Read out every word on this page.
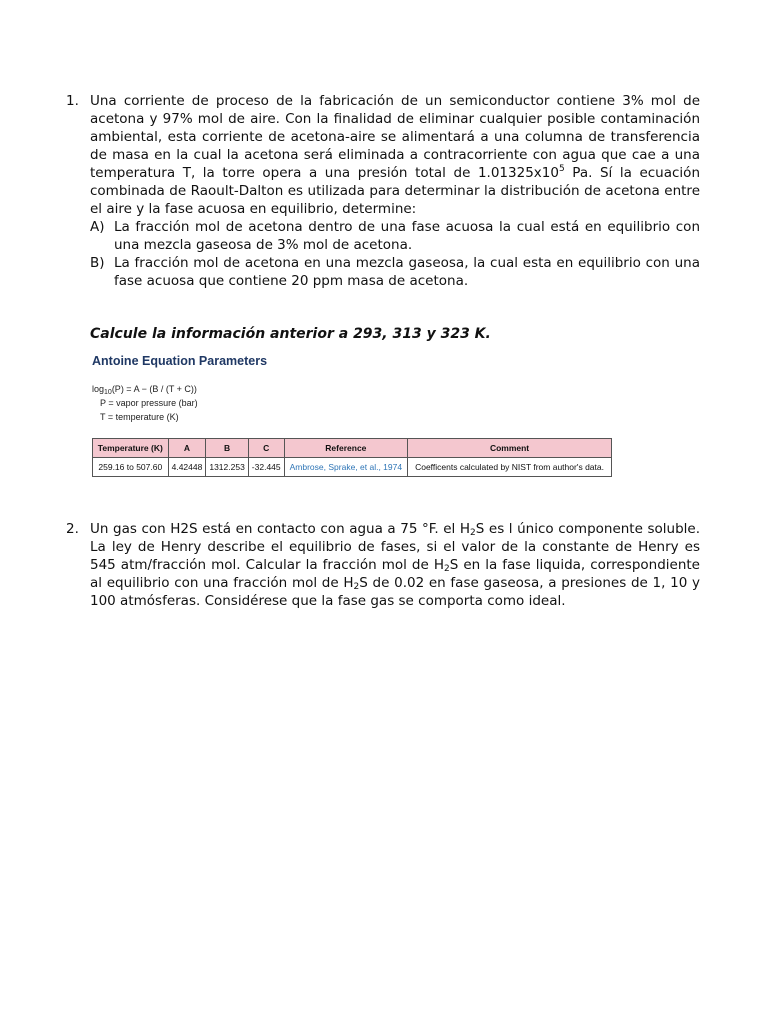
1. Una corriente de proceso de la fabricación de un semiconductor contiene 3% mol de acetona y 97% mol de aire. Con la finalidad de eliminar cualquier posible contaminación ambiental, esta corriente de acetona-aire se alimentará a una columna de transferencia de masa en la cual la acetona será eliminada a contracorriente con agua que cae a una temperatura T, la torre opera a una presión total de $1.01325x10^5$ Pa. Sí la ecuación combinada de Raoult-Dalton es utilizada para determinar la distribución de acetona entre el aire y la fase acuosa en equilibrio, determine:

A) La fracción mol de acetona dentro de una fase acuosa la cual está en equilibrio con una mezcla gaseosa de 3% mol de acetona.

B) La fracción mol de acetona en una mezcla gaseosa, la cual esta en equilibrio con una fase acuosa que contiene 20 ppm masa de acetona.

Calcule la información anterior a 293, 313 y 323 K.

Antoine Equation Parameters
$\log_{10}(P) = A - (B / (T + C))$
P = vapor pressure (bar)
T = temperature (K)
Temperature (K)	A	B	C	Reference	Comment
259.16 to 507.60	4.42448	1312.253	-32.445	Ambrose, Sprake, et al., 1974	Coefficents calculated by NIST from author's data.
2. Un gas con H2S está en contacto con agua a 75 °F. el $H_2S$ es l único componente soluble. La ley de Henry describe el equilibrio de fases, si el valor de la constante de Henry es 545 atm/fracción mol. Calcular la fracción mol de $H_2S$ en la fase liquida, correspondiente al equilibrio con una fracción mol de $H_2S$ de 0.02 en fase gaseosa, a presiones de 1, 10 y 100 atmósferas. Considérese que la fase gas se comporta como ideal.
